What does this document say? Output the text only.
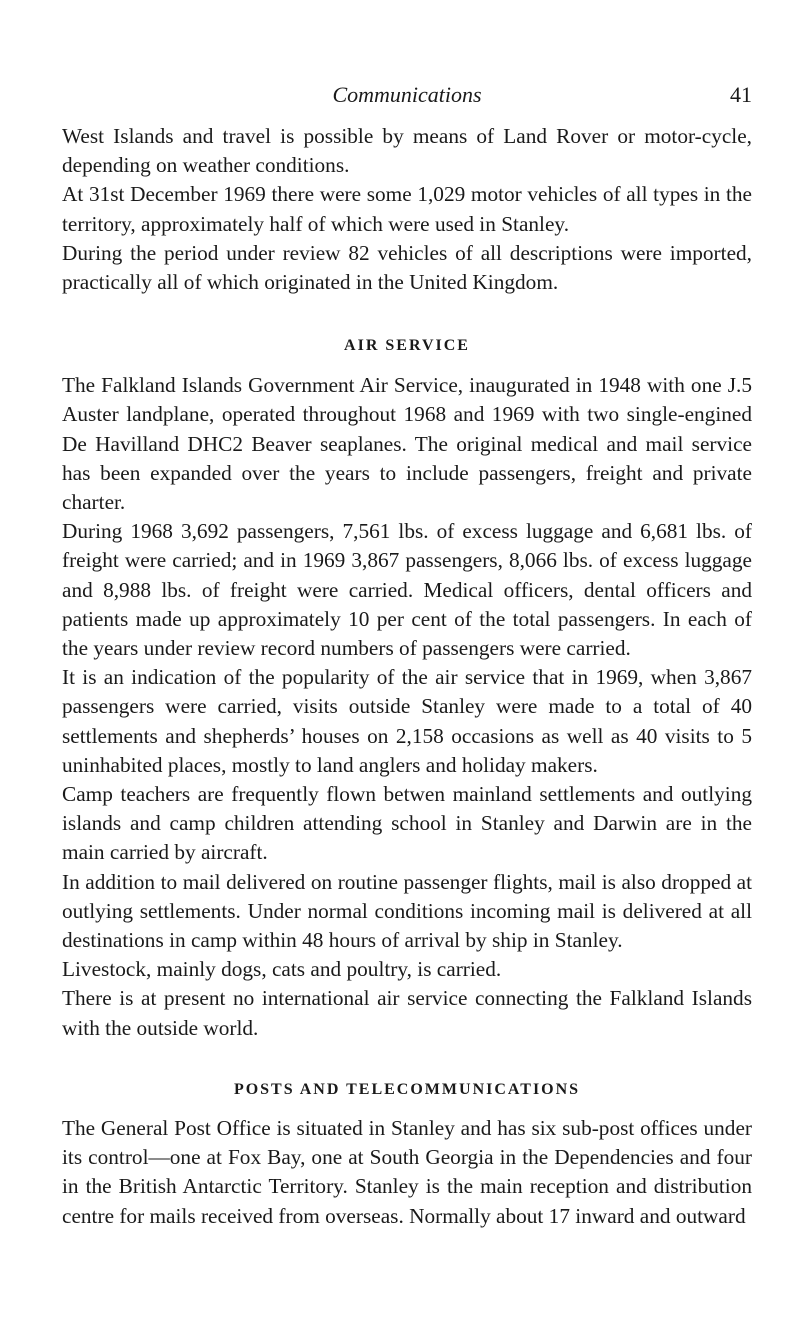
Communications	41

West Islands and travel is possible by means of Land Rover or motor-cycle, depending on weather conditions.

At 31st December 1969 there were some 1,029 motor vehicles of all types in the territory, approximately half of which were used in Stanley.

During the period under review 82 vehicles of all descriptions were imported, practically all of which originated in the United Kingdom.

AIR SERVICE

The Falkland Islands Government Air Service, inaugurated in 1948 with one J.5 Auster landplane, operated throughout 1968 and 1969 with two single-engined De Havilland DHC2 Beaver seaplanes. The original medical and mail service has been expanded over the years to include passengers, freight and private charter.

During 1968 3,692 passengers, 7,561 lbs. of excess luggage and 6,681 lbs. of freight were carried; and in 1969 3,867 passengers, 8,066 lbs. of excess luggage and 8,988 lbs. of freight were carried. Medical officers, dental officers and patients made up approximately 10 per cent of the total passengers. In each of the years under review record numbers of passengers were carried.

It is an indication of the popularity of the air service that in 1969, when 3,867 passengers were carried, visits outside Stanley were made to a total of 40 settlements and shepherds’ houses on 2,158 occasions as well as 40 visits to 5 uninhabited places, mostly to land anglers and holiday makers.

Camp teachers are frequently flown betwen mainland settlements and outlying islands and camp children attending school in Stanley and Darwin are in the main carried by aircraft.

In addition to mail delivered on routine passenger flights, mail is also dropped at outlying settlements. Under normal conditions incoming mail is delivered at all destinations in camp within 48 hours of arrival by ship in Stanley.

Livestock, mainly dogs, cats and poultry, is carried.

There is at present no international air service connecting the Falkland Islands with the outside world.

POSTS AND TELECOMMUNICATIONS

The General Post Office is situated in Stanley and has six sub-post offices under its control—one at Fox Bay, one at South Georgia in the Dependencies and four in the British Antarctic Territory. Stanley is the main reception and distribution centre for mails received from overseas. Normally about 17 inward and outward
